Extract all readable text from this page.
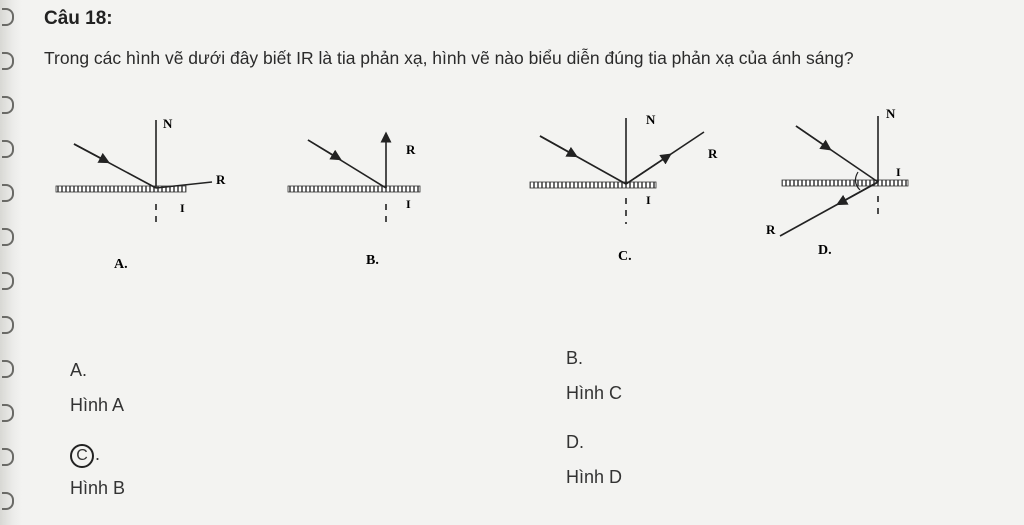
Câu 18:
Trong các hình vẽ dưới đây biết IR là tia phản xạ, hình vẽ nào biểu diễn đúng tia phản xạ của ánh sáng?
N
R
I
A.
R
I
B.
N
R
I
C.
N
I
R
D.
A.
Hình A
B.
Hình C
C .
Hình B
D.
Hình D
